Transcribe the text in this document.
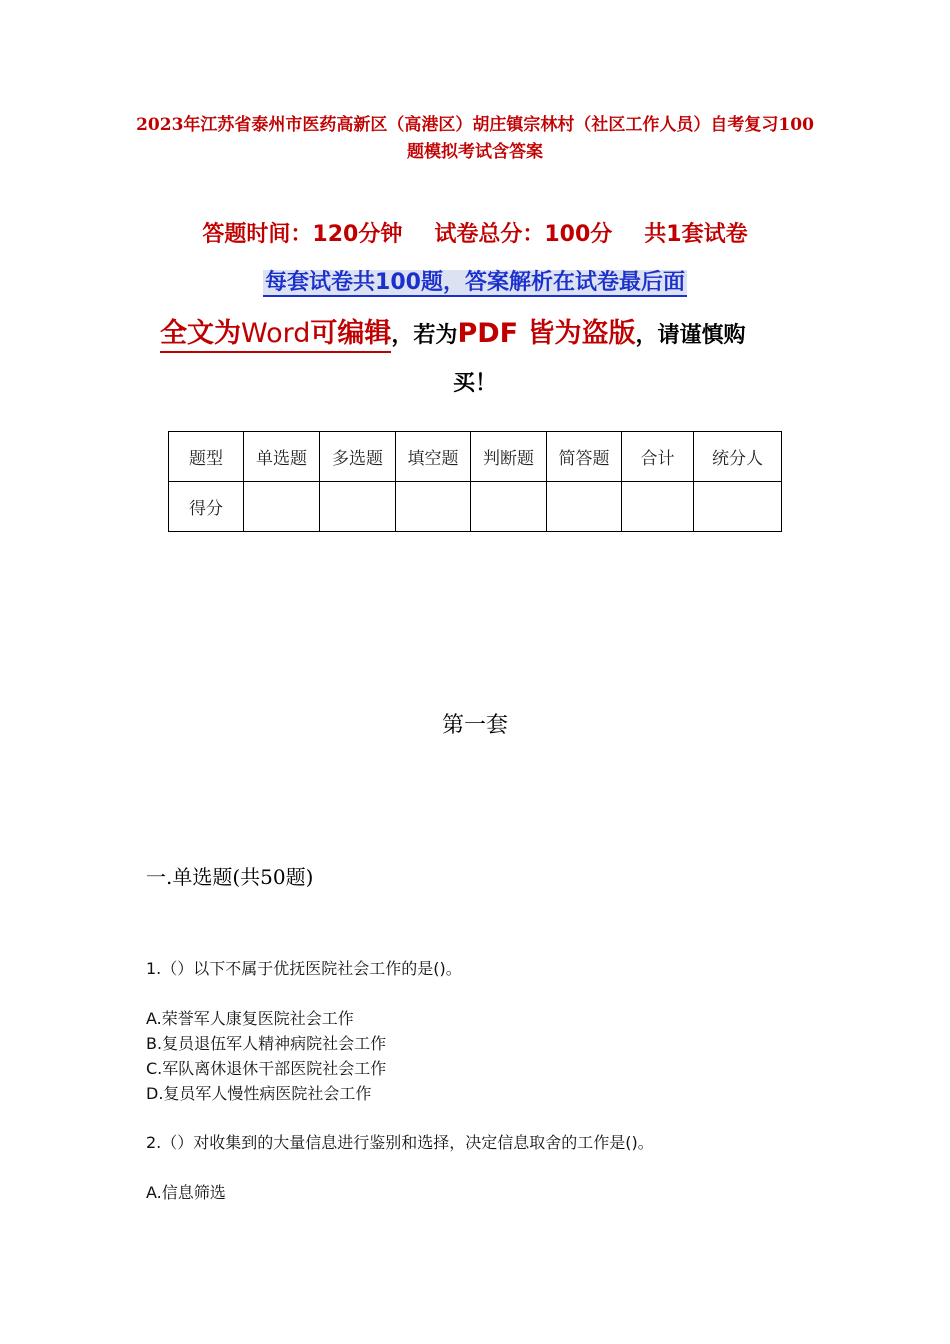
2023年江苏省泰州市医药高新区（高港区）胡庄镇宗林村（社区工作人员）自考复习100题模拟考试含答案
答题时间：120分钟 试卷总分：100分 共1套试卷
每套试卷共100题，答案解析在试卷最后面
全文为Word可编辑，若为PDF 皆为盗版，请谨慎购
买！
题型	单选题	多选题	填空题	判断题	简答题	合计	统分人
得分							
第一套
一.单选题(共50题)
1.（）以下不属于优抚医院社会工作的是()。
A.荣誉军人康复医院社会工作
B.复员退伍军人精神病院社会工作
C.军队离休退休干部医院社会工作
D.复员军人慢性病医院社会工作
2.（）对收集到的大量信息进行鉴别和选择，决定信息取舍的工作是()。
A.信息筛选
